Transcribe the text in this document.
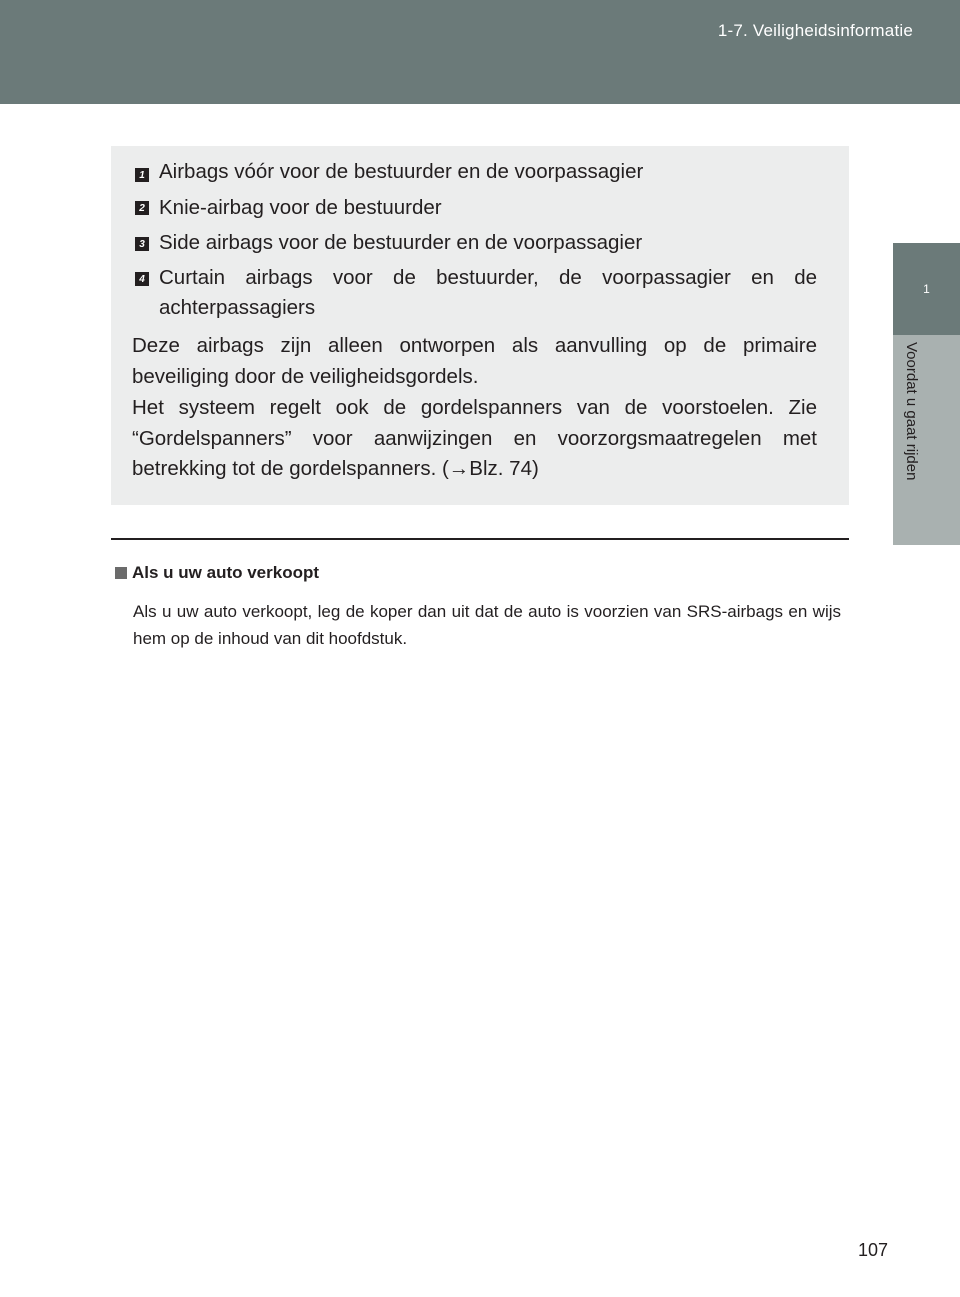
1-7. Veiligheidsinformatie
1
Voordat u gaat rijden
1 Airbags vóór voor de bestuurder en de voorpassagier
2 Knie-airbag voor de bestuurder
3 Side airbags voor de bestuurder en de voorpassagier
4 Curtain airbags voor de bestuurder, de voorpassagier en de achterpassagiers
Deze airbags zijn alleen ontworpen als aanvulling op de primaire beveiliging door de veiligheidsgordels.
Het systeem regelt ook de gordelspanners van de voorstoelen. Zie “Gordelspanners” voor aanwijzingen en voorzorgsmaatregelen met betrekking tot de gordelspanners. (→Blz. 74)
Als u uw auto verkoopt
Als u uw auto verkoopt, leg de koper dan uit dat de auto is voorzien van SRS-airbags en wijs hem op de inhoud van dit hoofdstuk.
107
